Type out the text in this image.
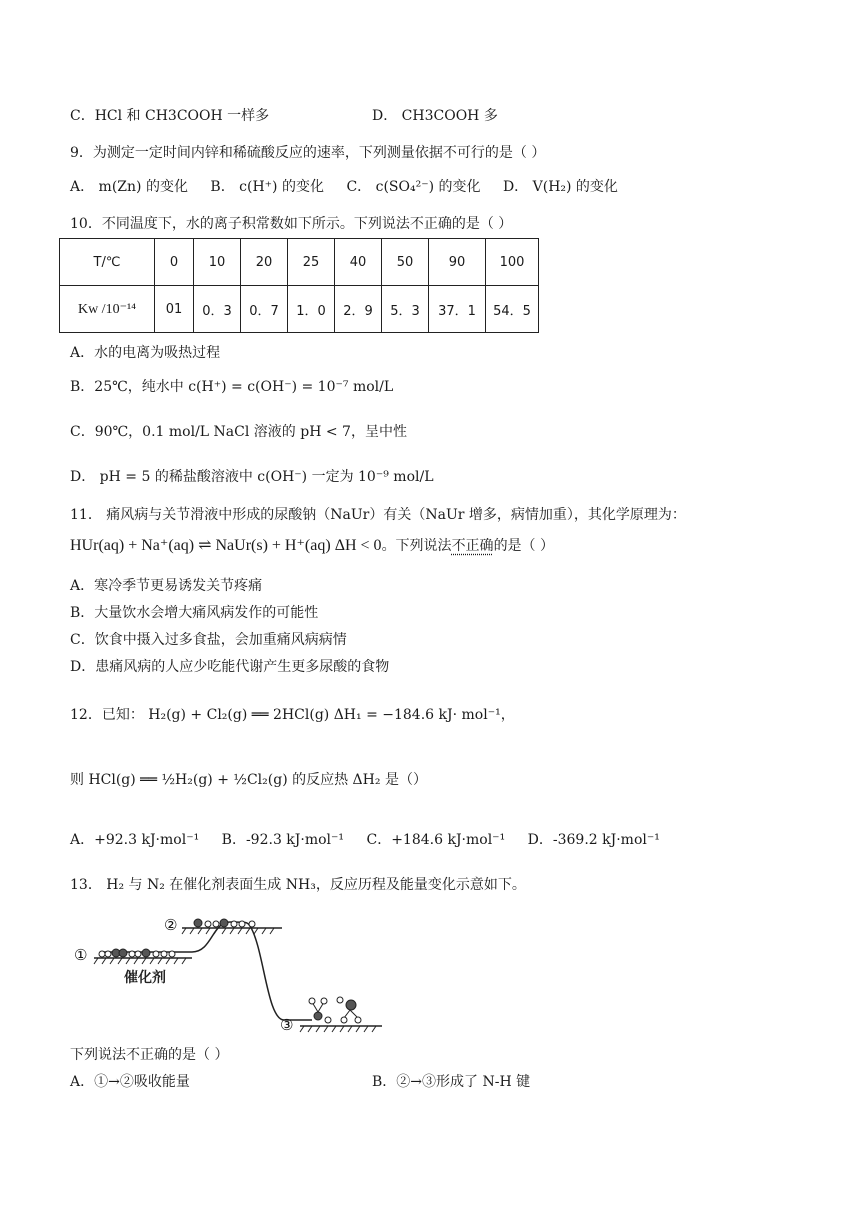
C．HCl 和 CH3COOH 一样多	D． CH3COOH 多
9．为测定一定时间内锌和稀硫酸反应的速率，下列测量依据不可行的是（ ）
A． m(Zn) 的变化 B． c(H⁺) 的变化 C． c(SO₄²⁻) 的变化 D． V(H₂) 的变化
10．不同温度下，水的离子积常数如下所示。下列说法不正确的是（ ）
T/℃	0	10	20	25	40	50	90	100
Kw /10⁻¹⁴	01	0．3	0．7	1．0	2．9	5．3	37．1	54．5
A．水的电离为吸热过程
B．25℃，纯水中 c(H⁺) = c(OH⁻) = 10⁻⁷ mol/L
C．90℃，0.1 mol/L NaCl 溶液的 pH < 7，呈中性
D． pH = 5 的稀盐酸溶液中 c(OH⁻) 一定为 10⁻⁹ mol/L
11． 痛风病与关节滑液中形成的尿酸钠（NaUr）有关（NaUr 增多，病情加重），其化学原理为：
HUr(aq) + Na⁺(aq) ⇌ NaUr(s) + H⁺(aq) ΔH < 0。下列说法不正确的是（ ）
A．寒冷季节更易诱发关节疼痛
B．大量饮水会增大痛风病发作的可能性
C．饮食中摄入过多食盐，会加重痛风病病情
D．患痛风病的人应少吃能代谢产生更多尿酸的食物
12．已知： H₂(g) + Cl₂(g) ══ 2HCl(g) ΔH₁ = −184.6 kJ· mol⁻¹，
则 HCl(g) ══ ½H₂(g) + ½Cl₂(g) 的反应热 ΔH₂ 是（）
A．+92.3 kJ·mol⁻¹ B．-92.3 kJ·mol⁻¹ C．+184.6 kJ·mol⁻¹ D．-369.2 kJ·mol⁻¹
13． H₂ 与 N₂ 在催化剂表面生成 NH₃，反应历程及能量变化示意如下。
①
催化剂
②
③
下列说法不正确的是（ ）
A．①→②吸收能量	B．②→③形成了 N-H 键
